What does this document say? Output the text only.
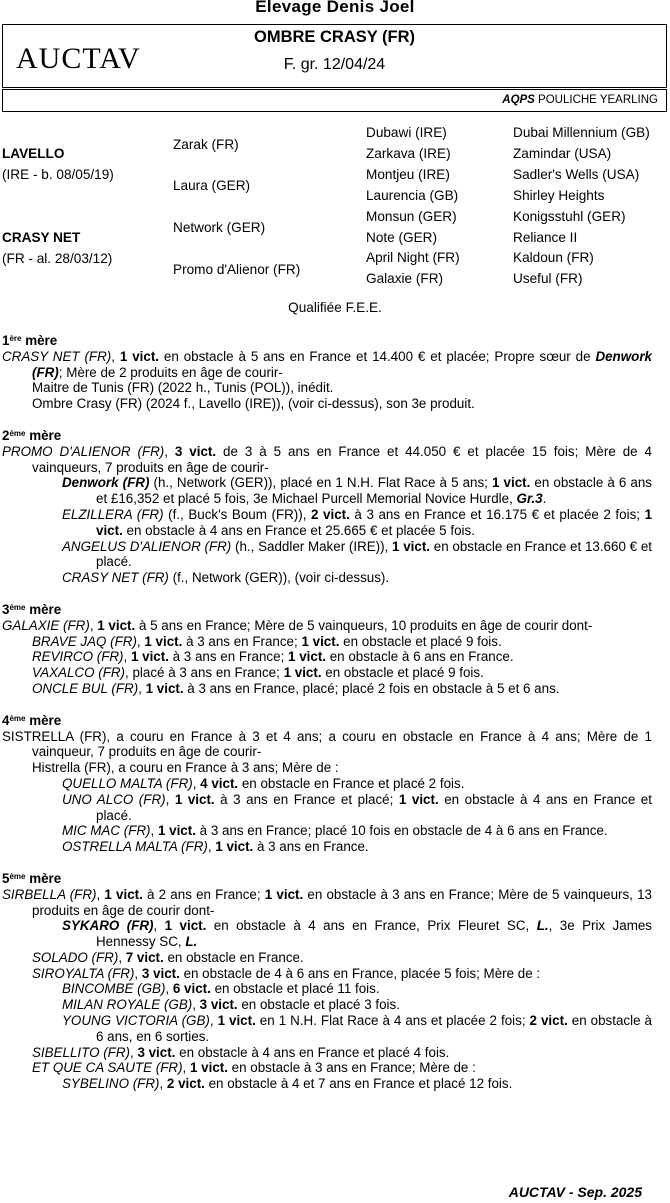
Elevage Denis Joel
AUCTAV
OMBRE CRASY (FR)
F. gr. 12/04/24
AQPS POULICHE YEARLING
LAVELLO
(IRE - b. 08/05/19)
CRASY NET
(FR - al. 28/03/12)
Zarak (FR)
Laura (GER)
Network (GER)
Promo d'Alienor (FR)
Dubawi (IRE)
Zarkava (IRE)
Montjeu (IRE)
Laurencia (GB)
Monsun (GER)
Note (GER)
April Night (FR)
Galaxie (FR)
Dubai Millennium (GB)
Zamindar (USA)
Sadler's Wells (USA)
Shirley Heights
Konigsstuhl (GER)
Reliance II
Kaldoun (FR)
Useful (FR)
Qualifiée F.E.E.
1ère mère
CRASY NET (FR), 1 vict. en obstacle à 5 ans en France et 14.400 € et placée; Propre sœur de Denwork (FR); Mère de 2 produits en âge de courir-
Maitre de Tunis (FR) (2022 h., Tunis (POL)), inédit.
Ombre Crasy (FR) (2024 f., Lavello (IRE)), (voir ci-dessus), son 3e produit.
2ème mère
PROMO D'ALIENOR (FR), 3 vict. de 3 à 5 ans en France et 44.050 € et placée 15 fois; Mère de 4 vainqueurs, 7 produits en âge de courir-
Denwork (FR) (h., Network (GER)), placé en 1 N.H. Flat Race à 5 ans; 1 vict. en obstacle à 6 ans et £16,352 et placé 5 fois, 3e Michael Purcell Memorial Novice Hurdle, Gr.3.
ELZILLERA (FR) (f., Buck's Boum (FR)), 2 vict. à 3 ans en France et 16.175 € et placée 2 fois; 1 vict. en obstacle à 4 ans en France et 25.665 € et placée 5 fois.
ANGELUS D'ALIENOR (FR) (h., Saddler Maker (IRE)), 1 vict. en obstacle en France et 13.660 € et placé.
CRASY NET (FR) (f., Network (GER)), (voir ci-dessus).
3ème mère
GALAXIE (FR), 1 vict. à 5 ans en France; Mère de 5 vainqueurs, 10 produits en âge de courir dont-
BRAVE JAQ (FR), 1 vict. à 3 ans en France; 1 vict. en obstacle et placé 9 fois.
REVIRCO (FR), 1 vict. à 3 ans en France; 1 vict. en obstacle à 6 ans en France.
VAXALCO (FR), placé à 3 ans en France; 1 vict. en obstacle et placé 9 fois.
ONCLE BUL (FR), 1 vict. à 3 ans en France, placé; placé 2 fois en obstacle à 5 et 6 ans.
4ème mère
SISTRELLA (FR), a couru en France à 3 et 4 ans; a couru en obstacle en France à 4 ans; Mère de 1 vainqueur, 7 produits en âge de courir-
Histrella (FR), a couru en France à 3 ans; Mère de :
QUELLO MALTA (FR), 4 vict. en obstacle en France et placé 2 fois.
UNO ALCO (FR), 1 vict. à 3 ans en France et placé; 1 vict. en obstacle à 4 ans en France et placé.
MIC MAC (FR), 1 vict. à 3 ans en France; placé 10 fois en obstacle de 4 à 6 ans en France.
OSTRELLA MALTA (FR), 1 vict. à 3 ans en France.
5ème mère
SIRBELLA (FR), 1 vict. à 2 ans en France; 1 vict. en obstacle à 3 ans en France; Mère de 5 vainqueurs, 13 produits en âge de courir dont-
SYKARO (FR), 1 vict. en obstacle à 4 ans en France, Prix Fleuret SC, L., 3e Prix James Hennessy SC, L.
SOLADO (FR), 7 vict. en obstacle en France.
SIROYALTA (FR), 3 vict. en obstacle de 4 à 6 ans en France, placée 5 fois; Mère de :
BINCOMBE (GB), 6 vict. en obstacle et placé 11 fois.
MILAN ROYALE (GB), 3 vict. en obstacle et placé 3 fois.
YOUNG VICTORIA (GB), 1 vict. en 1 N.H. Flat Race à 4 ans et placée 2 fois; 2 vict. en obstacle à 6 ans, en 6 sorties.
SIBELLITO (FR), 3 vict. en obstacle à 4 ans en France et placé 4 fois.
ET QUE CA SAUTE (FR), 1 vict. en obstacle à 3 ans en France; Mère de :
SYBELINO (FR), 2 vict. en obstacle à 4 et 7 ans en France et placé 12 fois.
AUCTAV - Sep. 2025
